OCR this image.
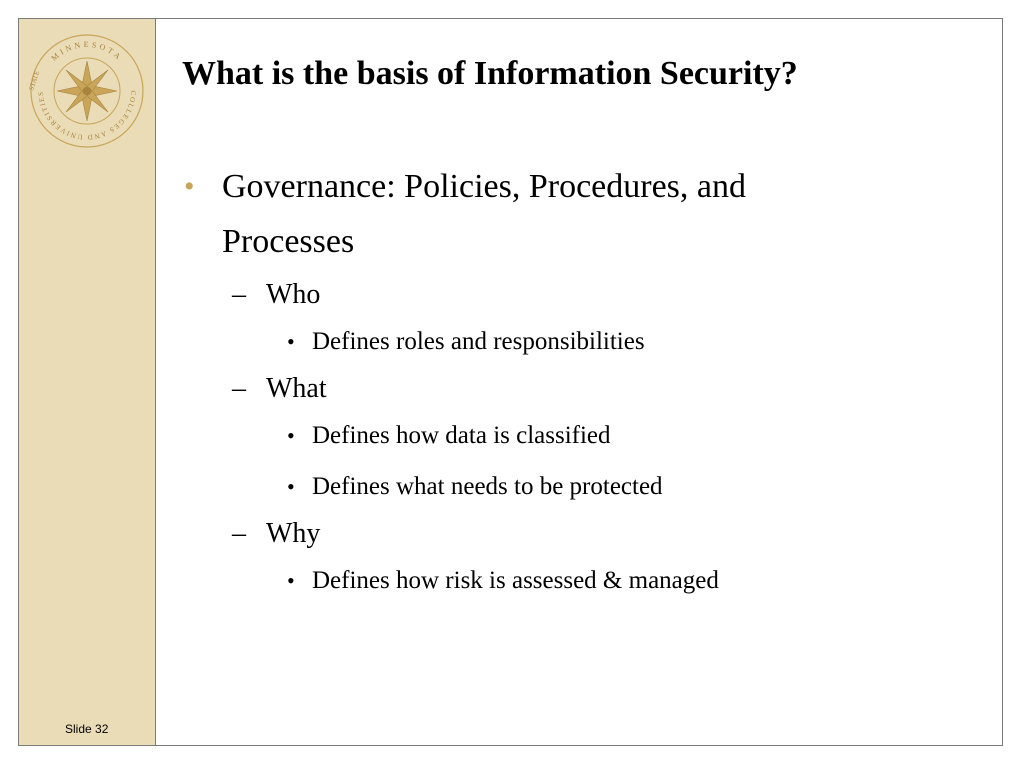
MINNESOTA
COLLEGES AND UNIVERSITIES
STATE
Slide 32
What is the basis of Information Security?
• Governance: Policies, Procedures, and Processes
– Who
• Defines roles and responsibilities
– What
• Defines how data is classified
• Defines what needs to be protected
– Why
• Defines how risk is assessed & managed
